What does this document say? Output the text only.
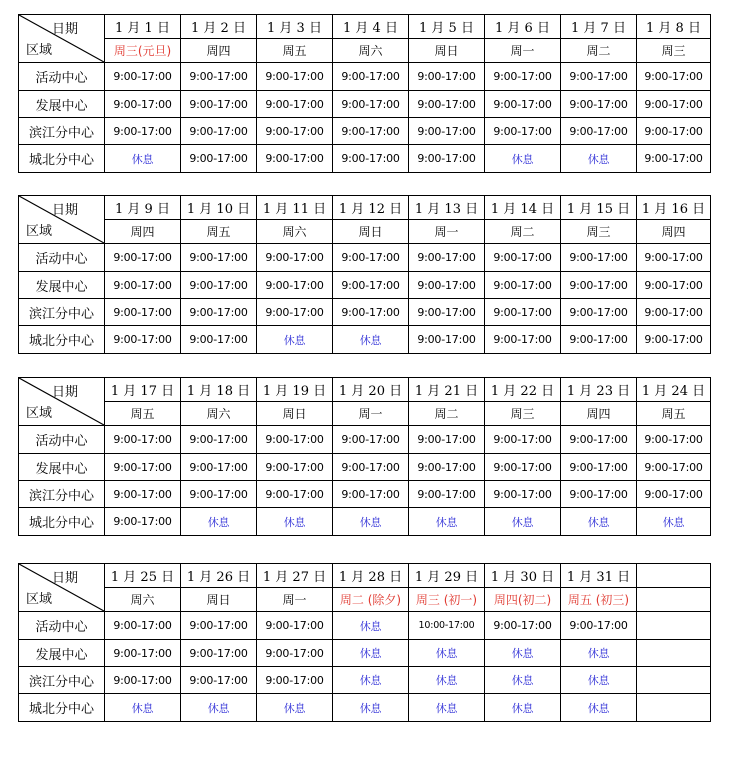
日期
区域	1 月 1 日	1 月 2 日	1 月 3 日	1 月 4 日	1 月 5 日	1 月 6 日	1 月 7 日	1 月 8 日
	周三(元旦)	周四	周五	周六	周日	周一	周二	周三
活动中心	9:00-17:00	9:00-17:00	9:00-17:00	9:00-17:00	9:00-17:00	9:00-17:00	9:00-17:00	9:00-17:00
发展中心	9:00-17:00	9:00-17:00	9:00-17:00	9:00-17:00	9:00-17:00	9:00-17:00	9:00-17:00	9:00-17:00
滨江分中心	9:00-17:00	9:00-17:00	9:00-17:00	9:00-17:00	9:00-17:00	9:00-17:00	9:00-17:00	9:00-17:00
城北分中心	休息	9:00-17:00	9:00-17:00	9:00-17:00	9:00-17:00	休息	休息	9:00-17:00
日期
区域	1 月 9 日	1 月 10 日	1 月 11 日	1 月 12 日	1 月 13 日	1 月 14 日	1 月 15 日	1 月 16 日
	周四	周五	周六	周日	周一	周二	周三	周四
活动中心	9:00-17:00	9:00-17:00	9:00-17:00	9:00-17:00	9:00-17:00	9:00-17:00	9:00-17:00	9:00-17:00
发展中心	9:00-17:00	9:00-17:00	9:00-17:00	9:00-17:00	9:00-17:00	9:00-17:00	9:00-17:00	9:00-17:00
滨江分中心	9:00-17:00	9:00-17:00	9:00-17:00	9:00-17:00	9:00-17:00	9:00-17:00	9:00-17:00	9:00-17:00
城北分中心	9:00-17:00	9:00-17:00	休息	休息	9:00-17:00	9:00-17:00	9:00-17:00	9:00-17:00
日期
区域	1 月 17 日	1 月 18 日	1 月 19 日	1 月 20 日	1 月 21 日	1 月 22 日	1 月 23 日	1 月 24 日
	周五	周六	周日	周一	周二	周三	周四	周五
活动中心	9:00-17:00	9:00-17:00	9:00-17:00	9:00-17:00	9:00-17:00	9:00-17:00	9:00-17:00	9:00-17:00
发展中心	9:00-17:00	9:00-17:00	9:00-17:00	9:00-17:00	9:00-17:00	9:00-17:00	9:00-17:00	9:00-17:00
滨江分中心	9:00-17:00	9:00-17:00	9:00-17:00	9:00-17:00	9:00-17:00	9:00-17:00	9:00-17:00	9:00-17:00
城北分中心	9:00-17:00	休息	休息	休息	休息	休息	休息	休息
日期
区域	1 月 25 日	1 月 26 日	1 月 27 日	1 月 28 日	1 月 29 日	1 月 30 日	1 月 31 日	
	周六	周日	周一	周二 (除夕)	周三 (初一)	周四(初二)	周五 (初三)	
活动中心	9:00-17:00	9:00-17:00	9:00-17:00	休息	10:00-17:00	9:00-17:00	9:00-17:00	
发展中心	9:00-17:00	9:00-17:00	9:00-17:00	休息	休息	休息	休息	
滨江分中心	9:00-17:00	9:00-17:00	9:00-17:00	休息	休息	休息	休息	
城北分中心	休息	休息	休息	休息	休息	休息	休息	
